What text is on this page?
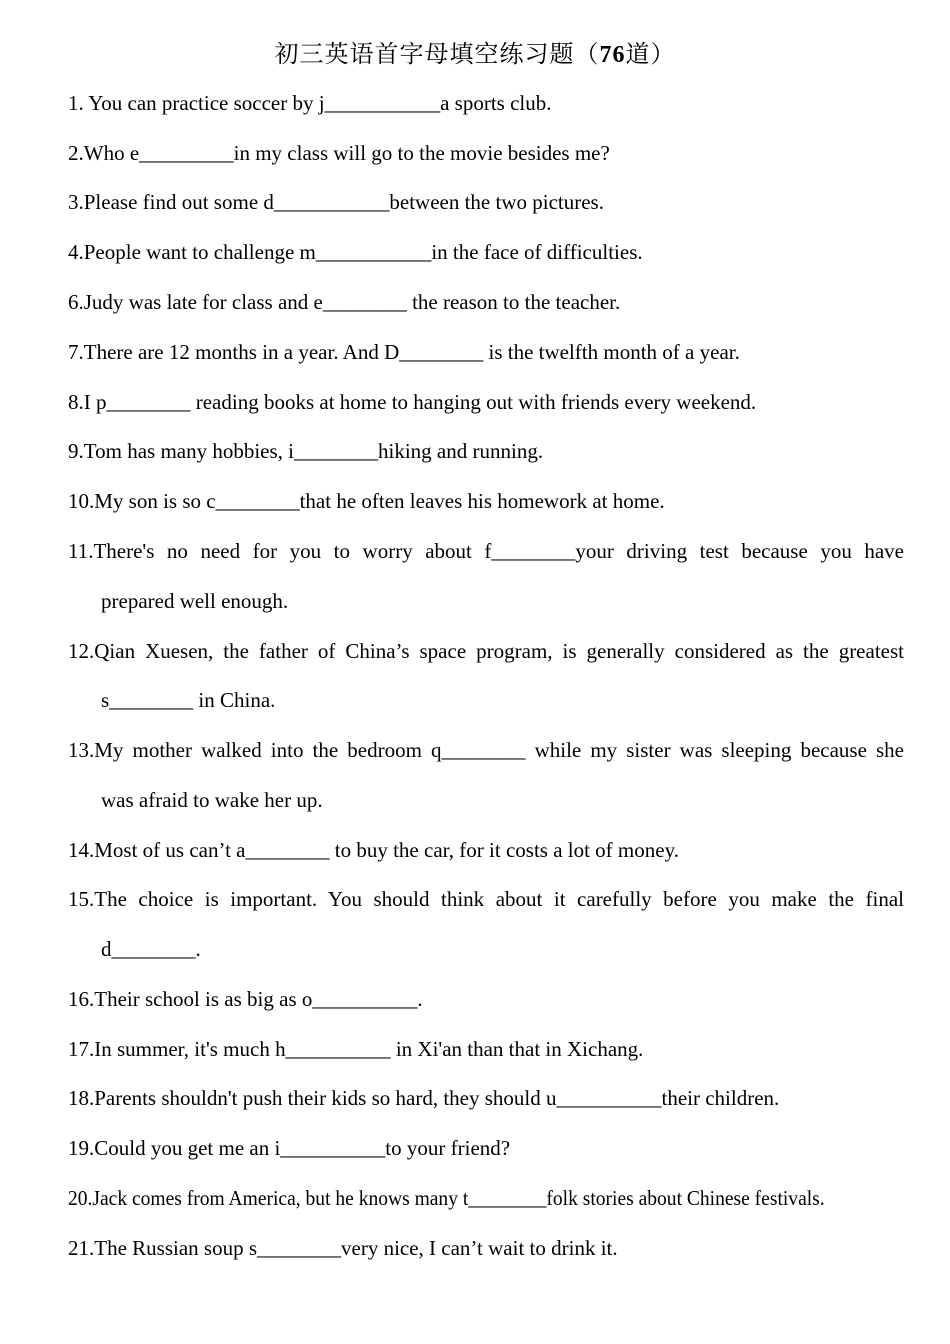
初三英语首字母填空练习题（76道）
1. You can practice soccer by j___________a sports club.
2.Who e_________in my class will go to the movie besides me?
3.Please find out some d___________between the two pictures.
4.People want to challenge m___________in the face of difficulties.
6.Judy was late for class and e________ the reason to the teacher.
7.There are 12 months in a year. And D________ is the twelfth month of a year.
8.I p________ reading books at home to hanging out with friends every weekend.
9.Tom has many hobbies, i________hiking and running.
10.My son is so c________that he often leaves his homework at home.
11.There's no need for you to worry about f________your driving test because you have
prepared well enough.
12.Qian Xuesen, the father of China’s space program, is generally considered as the greatest
s________ in China.
13.My mother walked into the bedroom q________ while my sister was sleeping because she
was afraid to wake her up.
14.Most of us can’t a________ to buy the car, for it costs a lot of money.
15.The choice is important. You should think about it carefully before you make the final
d________.
16.Their school is as big as o__________.
17.In summer, it's much h__________ in Xi'an than that in Xichang.
18.Parents shouldn't push their kids so hard, they should u__________their children.
19.Could you get me an i__________to your friend?
20.Jack comes from America, but he knows many t________folk stories about Chinese festivals.
21.The Russian soup s________very nice, I can’t wait to drink it.
